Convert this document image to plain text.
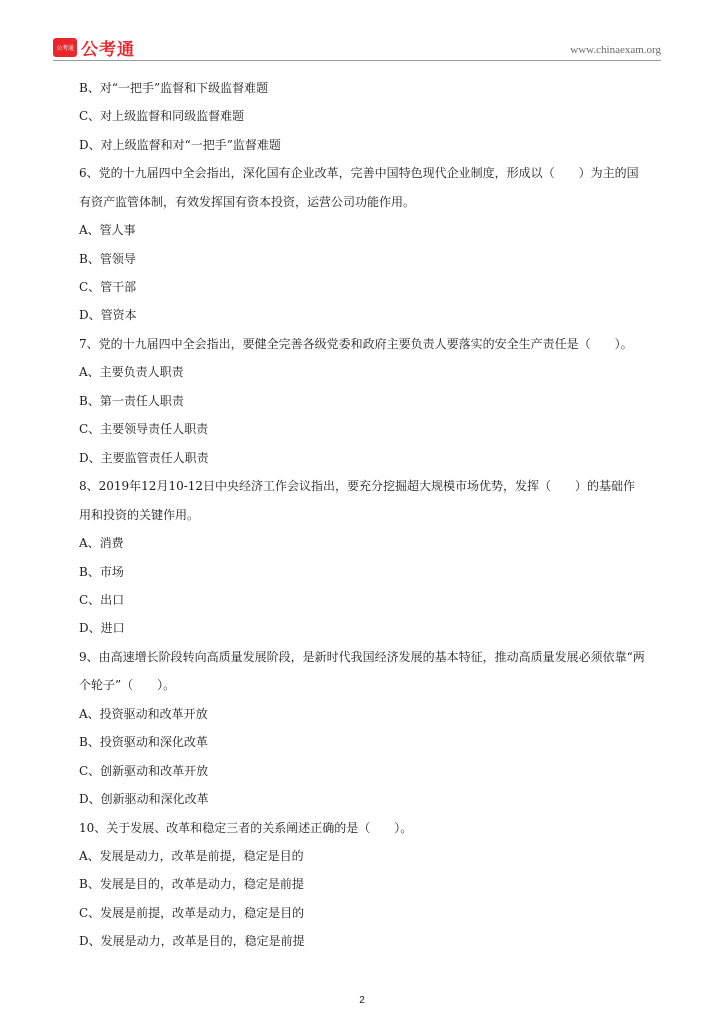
公考通 公考通	www.chinaexam.org
B、对“一把手”监督和下级监督难题
C、对上级监督和同级监督难题
D、对上级监督和对“一把手”监督难题
6、党的十九届四中全会指出，深化国有企业改革，完善中国特色现代企业制度，形成以（　　）为主的国
有资产监管体制，有效发挥国有资本投资，运营公司功能作用。
A、管人事
B、管领导
C、管干部
D、管资本
7、党的十九届四中全会指出，要健全完善各级党委和政府主要负责人要落实的安全生产责任是（　　）。
A、主要负责人职责
B、第一责任人职责
C、主要领导责任人职责
D、主要监管责任人职责
8、2019年12月10-12日中央经济工作会议指出，要充分挖掘超大规模市场优势，发挥（　　）的基础作
用和投资的关键作用。
A、消费
B、市场
C、出口
D、进口
9、由高速增长阶段转向高质量发展阶段，是新时代我国经济发展的基本特征，推动高质量发展必须依靠“两
个轮子”（　　）。
A、投资驱动和改革开放
B、投资驱动和深化改革
C、创新驱动和改革开放
D、创新驱动和深化改革
10、关于发展、改革和稳定三者的关系阐述正确的是（　　）。
A、发展是动力，改革是前提，稳定是目的
B、发展是目的，改革是动力，稳定是前提
C、发展是前提，改革是动力，稳定是目的
D、发展是动力，改革是目的，稳定是前提
2
